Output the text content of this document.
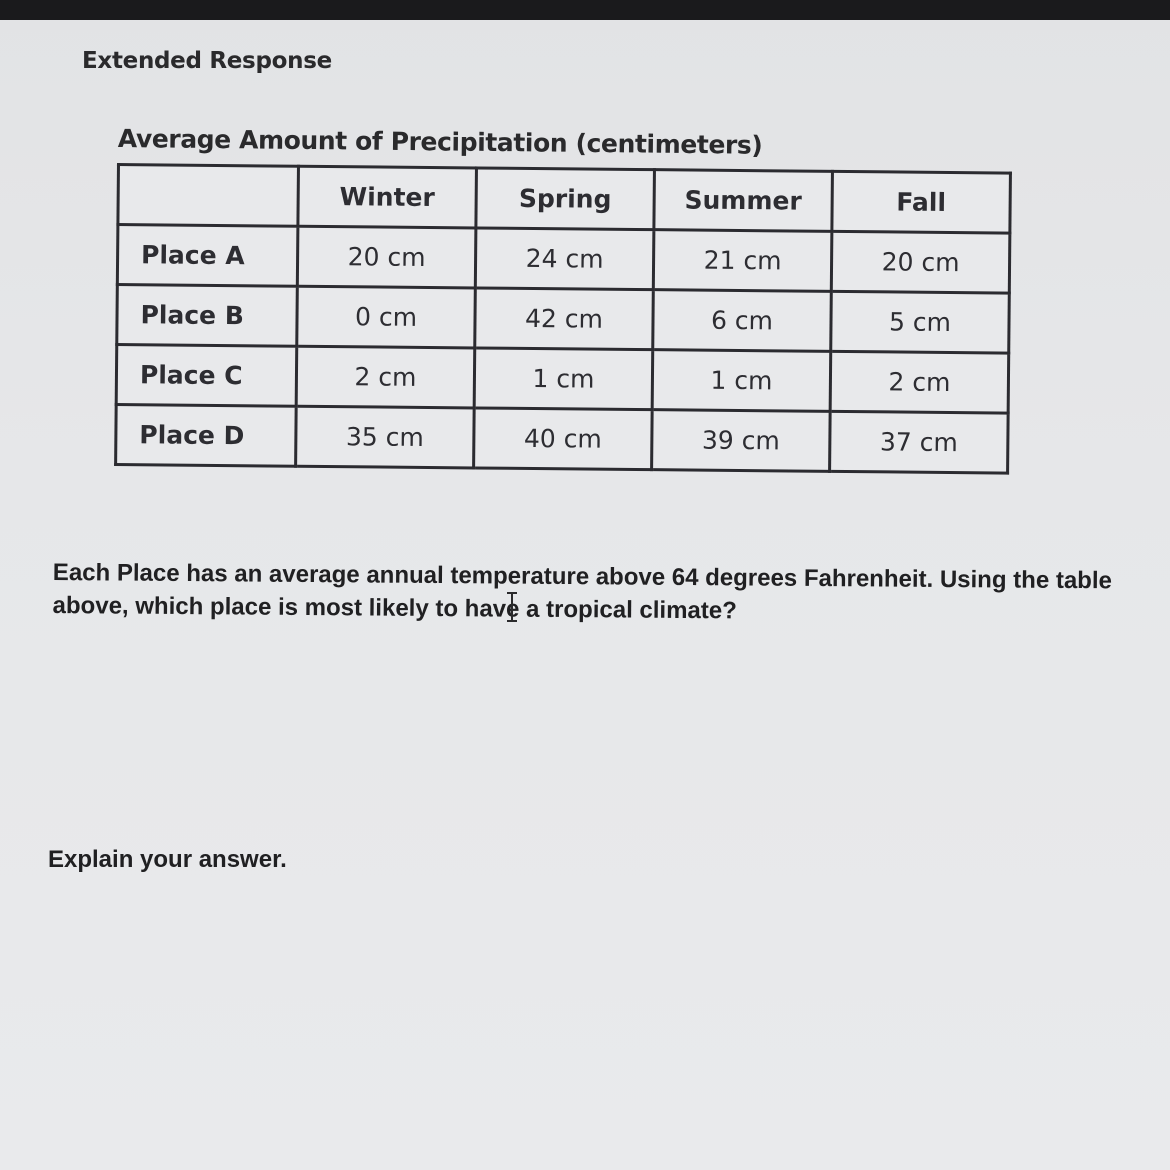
Extended Response
Average Amount of Precipitation (centimeters)
	Winter	Spring	Summer	Fall
Place A	20 cm	24 cm	21 cm	20 cm
Place B	0 cm	42 cm	6 cm	5 cm
Place C	2 cm	1 cm	1 cm	2 cm
Place D	35 cm	40 cm	39 cm	37 cm
Each Place has an average annual temperature above 64 degrees Fahrenheit. Using the table above, which place is most likely to have a tropical climate?
Explain your answer.
